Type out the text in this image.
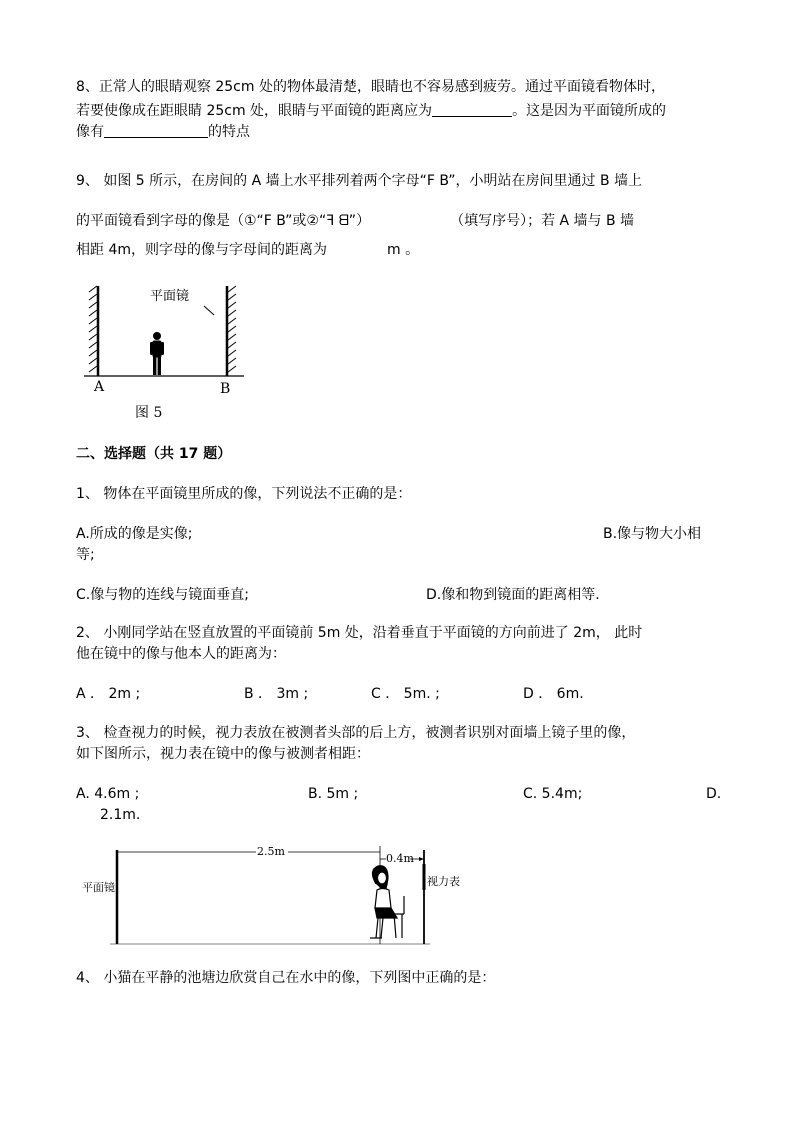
8、正常人的眼睛观察 25cm 处的物体最清楚，眼睛也不容易感到疲劳。通过平面镜看物体时，
若要使像成在距眼睛 25cm 处，眼睛与平面镜的距离应为	。这是因为平面镜所成的
像有	的特点
9、 如图 5 所示，在房间的 A 墙上水平排列着两个字母“F B”，小明站在房间里通过 B 墙上
的平面镜看到字母的像是（①“F B”或②“ꟻ ᗺ”）	（填写序号）；若 A 墙与 B 墙
相距 4m，则字母的像与字母间的距离为	m 。
平面镜
A	B
图 5
二、选择题（共 17 题）
1、 物体在平面镜里所成的像，下列说法不正确的是：
A.所成的像是实像;	B.像与物大小相
等;
C.像与物的连线与镜面垂直;	D.像和物到镜面的距离相等.
2、 小刚同学站在竖直放置的平面镜前 5m 处，沿着垂直于平面镜的方向前进了 2m， 此时
他在镜中的像与他本人的距离为：
A ． 2m ;	B ． 3m ;	C ． 5m. ;	D ． 6m.
3、 检查视力的时候，视力表放在被测者头部的后上方，被测者识别对面墙上镜子里的像，
如下图所示，视力表在镜中的像与被测者相距：
A. 4.6m ;	B. 5m ;	C. 5.4m;	D.
2.1m.
2.5m
0.4m
平面镜	视力表
4、 小猫在平静的池塘边欣赏自己在水中的像，下列图中正确的是：
